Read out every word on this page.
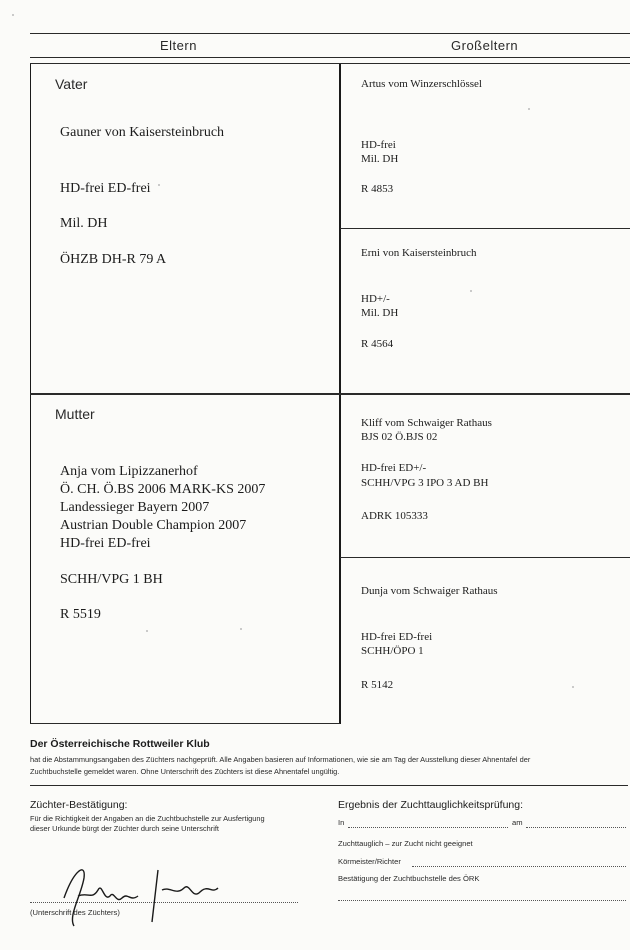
Eltern	Großeltern
Vater
Gauner von Kaisersteinbruch
HD-frei ED-frei
Mil. DH
ÖHZB DH-R 79 A
Mutter
Anja vom Lipizzanerhof
Ö. CH. Ö.BS 2006 MARK-KS 2007
Landessieger Bayern 2007
Austrian Double Champion 2007
HD-frei ED-frei
SCHH/VPG 1 BH
R 5519
Artus vom Winzerschlössel
HD-frei
Mil. DH
R 4853
Erni von Kaisersteinbruch
HD+/-
Mil. DH
R 4564
Kliff vom Schwaiger Rathaus
BJS 02 Ö.BJS 02
HD-frei ED+/-
SCHH/VPG 3 IPO 3 AD BH
ADRK 105333
Dunja vom Schwaiger Rathaus
HD-frei ED-frei
SCHH/ÖPO 1
R 5142
Der Österreichische Rottweiler Klub
hat die Abstammungsangaben des Züchters nachgeprüft. Alle Angaben basieren auf Informationen, wie sie am Tag der Ausstellung dieser Ahnentafel der
Zuchtbuchstelle gemeldet waren. Ohne Unterschrift des Züchters ist diese Ahnentafel ungültig.
Züchter-Bestätigung:
Für die Richtigkeit der Angaben an die Zuchtbuchstelle zur Ausfertigung
dieser Urkunde bürgt der Züchter durch seine Unterschrift
(Unterschrift des Züchters)
Ergebnis der Zuchttauglichkeitsprüfung:
In	am
Zuchttauglich – zur Zucht nicht geeignet
Körmeister/Richter
Bestätigung der Zuchtbuchstelle des ÖRK
